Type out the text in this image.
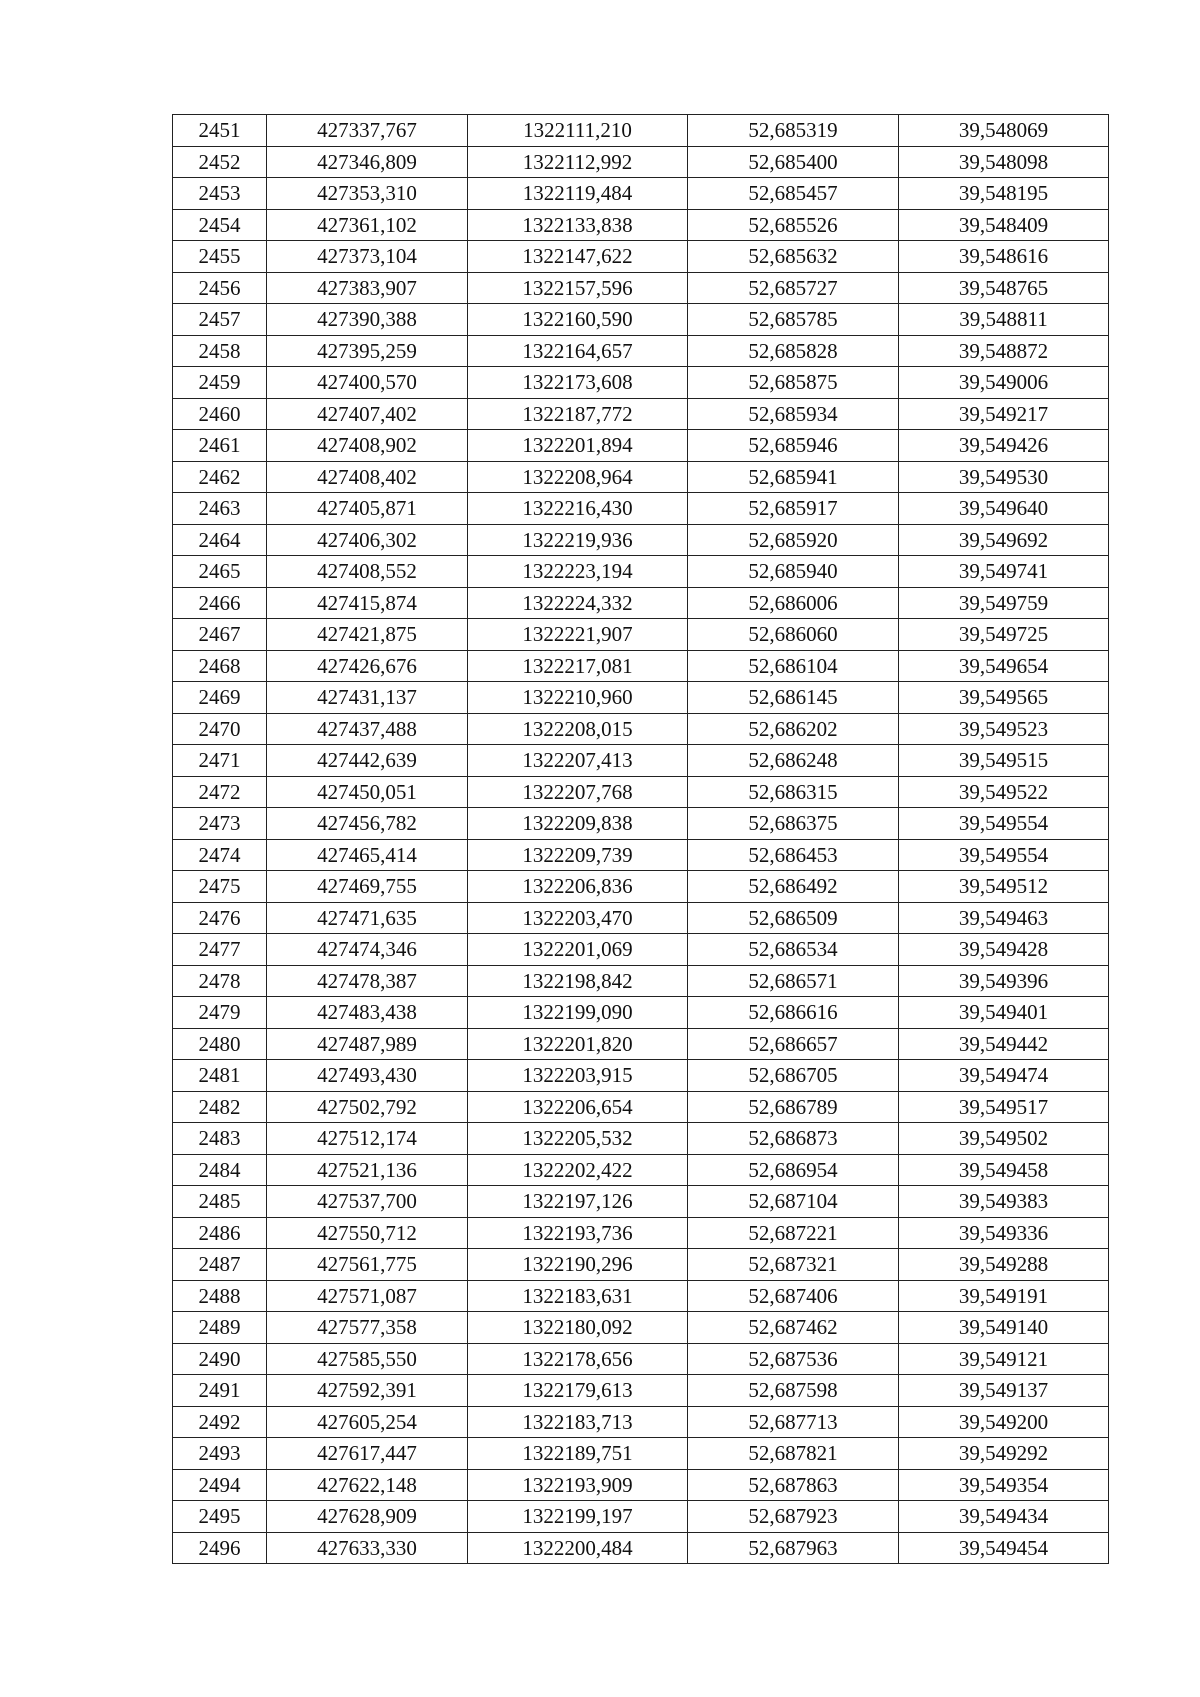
2451	427337,767	1322111,210	52,685319	39,548069
2452	427346,809	1322112,992	52,685400	39,548098
2453	427353,310	1322119,484	52,685457	39,548195
2454	427361,102	1322133,838	52,685526	39,548409
2455	427373,104	1322147,622	52,685632	39,548616
2456	427383,907	1322157,596	52,685727	39,548765
2457	427390,388	1322160,590	52,685785	39,548811
2458	427395,259	1322164,657	52,685828	39,548872
2459	427400,570	1322173,608	52,685875	39,549006
2460	427407,402	1322187,772	52,685934	39,549217
2461	427408,902	1322201,894	52,685946	39,549426
2462	427408,402	1322208,964	52,685941	39,549530
2463	427405,871	1322216,430	52,685917	39,549640
2464	427406,302	1322219,936	52,685920	39,549692
2465	427408,552	1322223,194	52,685940	39,549741
2466	427415,874	1322224,332	52,686006	39,549759
2467	427421,875	1322221,907	52,686060	39,549725
2468	427426,676	1322217,081	52,686104	39,549654
2469	427431,137	1322210,960	52,686145	39,549565
2470	427437,488	1322208,015	52,686202	39,549523
2471	427442,639	1322207,413	52,686248	39,549515
2472	427450,051	1322207,768	52,686315	39,549522
2473	427456,782	1322209,838	52,686375	39,549554
2474	427465,414	1322209,739	52,686453	39,549554
2475	427469,755	1322206,836	52,686492	39,549512
2476	427471,635	1322203,470	52,686509	39,549463
2477	427474,346	1322201,069	52,686534	39,549428
2478	427478,387	1322198,842	52,686571	39,549396
2479	427483,438	1322199,090	52,686616	39,549401
2480	427487,989	1322201,820	52,686657	39,549442
2481	427493,430	1322203,915	52,686705	39,549474
2482	427502,792	1322206,654	52,686789	39,549517
2483	427512,174	1322205,532	52,686873	39,549502
2484	427521,136	1322202,422	52,686954	39,549458
2485	427537,700	1322197,126	52,687104	39,549383
2486	427550,712	1322193,736	52,687221	39,549336
2487	427561,775	1322190,296	52,687321	39,549288
2488	427571,087	1322183,631	52,687406	39,549191
2489	427577,358	1322180,092	52,687462	39,549140
2490	427585,550	1322178,656	52,687536	39,549121
2491	427592,391	1322179,613	52,687598	39,549137
2492	427605,254	1322183,713	52,687713	39,549200
2493	427617,447	1322189,751	52,687821	39,549292
2494	427622,148	1322193,909	52,687863	39,549354
2495	427628,909	1322199,197	52,687923	39,549434
2496	427633,330	1322200,484	52,687963	39,549454
